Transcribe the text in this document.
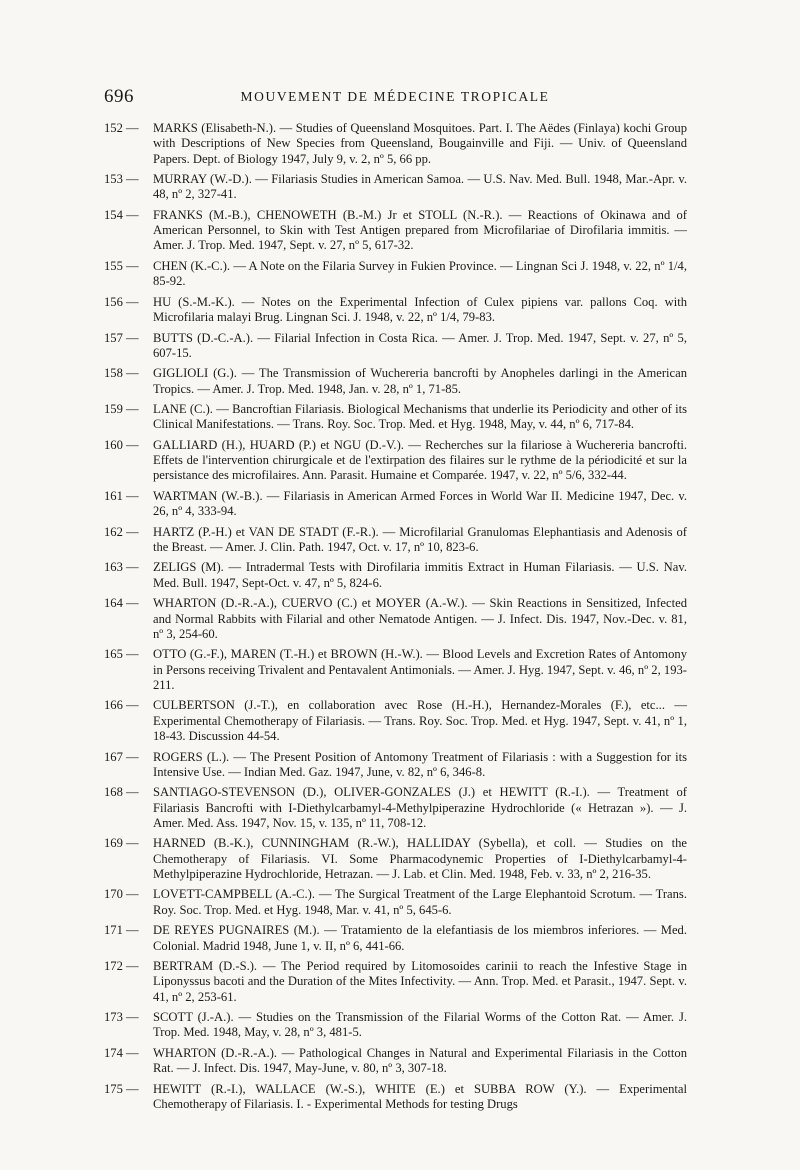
696	MOUVEMENT DE MÉDECINE TROPICALE
152 —	MARKS (Elisabeth-N.). — Studies of Queensland Mosquitoes. Part. I. The Aëdes (Finlaya) kochi Group with Descriptions of New Species from Queensland, Bougainville and Fiji. — Univ. of Queensland Papers. Dept. of Biology 1947, July 9, v. 2, nº 5, 66 pp.
153 —	MURRAY (W.-D.). — Filariasis Studies in American Samoa. — U.S. Nav. Med. Bull. 1948, Mar.-Apr. v. 48, nº 2, 327-41.
154 —	FRANKS (M.-B.), CHENOWETH (B.-M.) Jr et STOLL (N.-R.). — Reactions of Okinawa and of American Personnel, to Skin with Test Antigen prepared from Microfilariae of Dirofilaria immitis. — Amer. J. Trop. Med. 1947, Sept. v. 27, nº 5, 617-32.
155 —	CHEN (K.-C.). — A Note on the Filaria Survey in Fukien Province. — Lingnan Sci J. 1948, v. 22, nº 1/4, 85-92.
156 —	HU (S.-M.-K.). — Notes on the Experimental Infection of Culex pipiens var. pallons Coq. with Microfilaria malayi Brug. Lingnan Sci. J. 1948, v. 22, nº 1/4, 79-83.
157 —	BUTTS (D.-C.-A.). — Filarial Infection in Costa Rica. — Amer. J. Trop. Med. 1947, Sept. v. 27, nº 5, 607-15.
158 —	GIGLIOLI (G.). — The Transmission of Wuchereria bancrofti by Anopheles darlingi in the American Tropics. — Amer. J. Trop. Med. 1948, Jan. v. 28, nº 1, 71-85.
159 —	LANE (C.). — Bancroftian Filariasis. Biological Mechanisms that underlie its Periodicity and other of its Clinical Manifestations. — Trans. Roy. Soc. Trop. Med. et Hyg. 1948, May, v. 44, nº 6, 717-84.
160 —	GALLIARD (H.), HUARD (P.) et NGU (D.-V.). — Recherches sur la filariose à Wuchereria bancrofti. Effets de l'intervention chirurgicale et de l'extirpation des filaires sur le rythme de la périodicité et sur la persistance des microfilaires. Ann. Parasit. Humaine et Comparée. 1947, v. 22, nº 5/6, 332-44.
161 —	WARTMAN (W.-B.). — Filariasis in American Armed Forces in World War II. Medicine 1947, Dec. v. 26, nº 4, 333-94.
162 —	HARTZ (P.-H.) et VAN DE STADT (F.-R.). — Microfilarial Granulomas Elephantiasis and Adenosis of the Breast. — Amer. J. Clin. Path. 1947, Oct. v. 17, nº 10, 823-6.
163 —	ZELIGS (M). — Intradermal Tests with Dirofilaria immitis Extract in Human Filariasis. — U.S. Nav. Med. Bull. 1947, Sept-Oct. v. 47, nº 5, 824-6.
164 —	WHARTON (D.-R.-A.), CUERVO (C.) et MOYER (A.-W.). — Skin Reactions in Sensitized, Infected and Normal Rabbits with Filarial and other Nematode Antigen. — J. Infect. Dis. 1947, Nov.-Dec. v. 81, nº 3, 254-60.
165 —	OTTO (G.-F.), MAREN (T.-H.) et BROWN (H.-W.). — Blood Levels and Excretion Rates of Antomony in Persons receiving Trivalent and Pentavalent Antimonials. — Amer. J. Hyg. 1947, Sept. v. 46, nº 2, 193-211.
166 —	CULBERTSON (J.-T.), en collaboration avec Rose (H.-H.), Hernandez-Morales (F.), etc... — Experimental Chemotherapy of Filariasis. — Trans. Roy. Soc. Trop. Med. et Hyg. 1947, Sept. v. 41, nº 1, 18-43. Discussion 44-54.
167 —	ROGERS (L.). — The Present Position of Antomony Treatment of Filariasis : with a Suggestion for its Intensive Use. — Indian Med. Gaz. 1947, June, v. 82, nº 6, 346-8.
168 —	SANTIAGO-STEVENSON (D.), OLIVER-GONZALES (J.) et HEWITT (R.-I.). — Treatment of Filariasis Bancrofti with I-Diethylcarbamyl-4-Methylpiperazine Hydrochloride (« Hetrazan »). — J. Amer. Med. Ass. 1947, Nov. 15, v. 135, nº 11, 708-12.
169 —	HARNED (B.-K.), CUNNINGHAM (R.-W.), HALLIDAY (Sybella), et coll. — Studies on the Chemotherapy of Filariasis. VI. Some Pharmacodynemic Properties of I-Diethylcarbamyl-4-Methylpiperazine Hydrochloride, Hetrazan. — J. Lab. et Clin. Med. 1948, Feb. v. 33, nº 2, 216-35.
170 —	LOVETT-CAMPBELL (A.-C.). — The Surgical Treatment of the Large Elephantoid Scrotum. — Trans. Roy. Soc. Trop. Med. et Hyg. 1948, Mar. v. 41, nº 5, 645-6.
171 —	DE REYES PUGNAIRES (M.). — Tratamiento de la elefantiasis de los miembros inferiores. — Med. Colonial. Madrid 1948, June 1, v. II, nº 6, 441-66.
172 —	BERTRAM (D.-S.). — The Period required by Litomosoides carinii to reach the Infestive Stage in Liponyssus bacoti and the Duration of the Mites Infectivity. — Ann. Trop. Med. et Parasit., 1947. Sept. v. 41, nº 2, 253-61.
173 —	SCOTT (J.-A.). — Studies on the Transmission of the Filarial Worms of the Cotton Rat. — Amer. J. Trop. Med. 1948, May, v. 28, nº 3, 481-5.
174 —	WHARTON (D.-R.-A.). — Pathological Changes in Natural and Experimental Filariasis in the Cotton Rat. — J. Infect. Dis. 1947, May-June, v. 80, nº 3, 307-18.
175 —	HEWITT (R.-I.), WALLACE (W.-S.), WHITE (E.) et SUBBA ROW (Y.). — Experimental Chemotherapy of Filariasis. I. - Experimental Methods for testing Drugs
